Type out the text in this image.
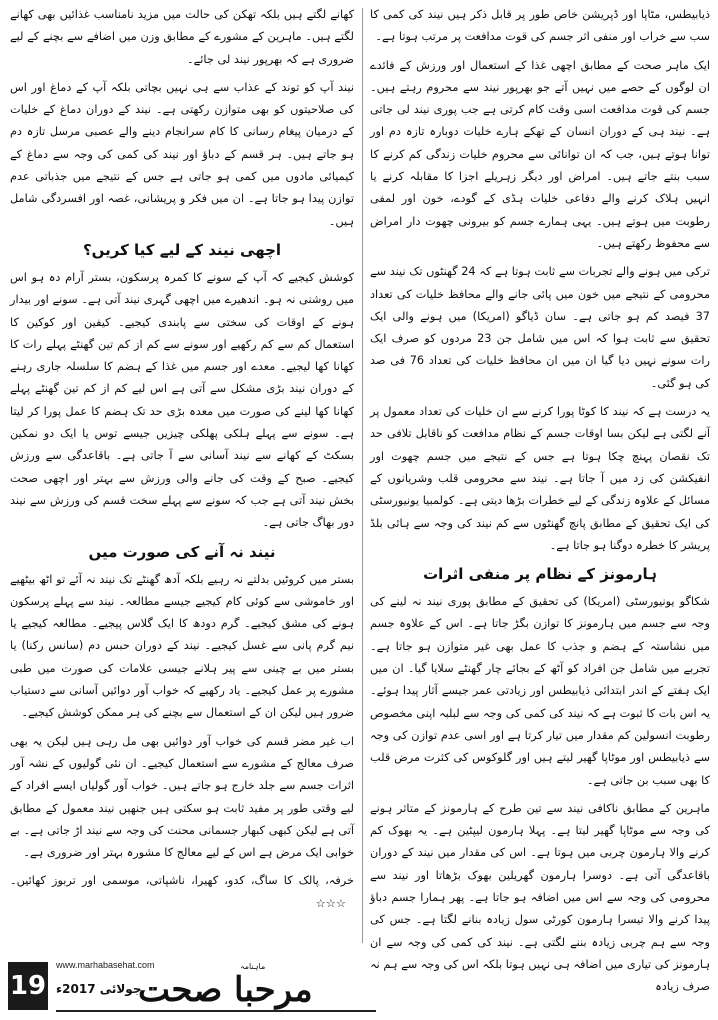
ذیابیطس، مٹاپا اور ڈپریشن خاص طور پر قابل ذکر ہیں نیند کی کمی کا سب سے خراب اور منفی اثر جسم کی قوت مدافعت پر مرتب ہوتا ہے۔

ایک ماہر صحت کے مطابق اچھی غذا کے استعمال اور ورزش کے فائدے ان لوگوں کے حصے میں نہیں آتے جو بھرپور نیند سے محروم رہتے ہیں۔ جسم کی قوت مدافعت اسی وقت کام کرتی ہے جب پوری نیند لی جاتی ہے۔ نیند ہی کے دوران انسان کے تھکے ہارے خلیات دوبارہ تازہ دم اور توانا ہوتے ہیں، جب کہ ان توانائی سے محروم خلیات زندگی کم کرنے کا سبب بنتے جاتے ہیں۔ امراض اور دیگر زہریلے اجزا کا مقابلہ کرنے یا انہیں ہلاک کرنے والے دفاعی خلیات ہڈی کے گودے، خون اور لمفی رطوبت میں ہوتے ہیں۔ یہی ہمارے جسم کو بیرونی چھوت دار امراض سے محفوظ رکھتے ہیں۔

ترکی میں ہونے والے تجربات سے ثابت ہوتا ہے کہ 24 گھنٹوں تک نیند سے محرومی کے نتیجے میں خون میں پائی جانے والے محافظ خلیات کی تعداد 37 فیصد کم ہو جاتی ہے۔ سان ڈیاگو (امریکا) میں ہونے والی ایک تحقیق سے ثابت ہوا کہ اس میں شامل جن 23 مردوں کو صرف ایک رات سونے نہیں دیا گیا ان میں ان محافظ خلیات کی تعداد 76 فی صد کی ہو گئی۔

یہ درست ہے کہ نیند کا کوٹا پورا کرنے سے ان خلیات کی تعداد معمول پر آنے لگتی ہے لیکن بسا اوقات جسم کے نظام مدافعت کو ناقابل تلافی حد تک نقصان پہنچ چکا ہوتا ہے جس کے نتیجے میں جسم چھوت اور انفیکشن کی زد میں آ جاتا ہے۔ نیند سے محرومی قلب وشریانوں کے مسائل کے علاوہ زندگی کے لیے خطرات بڑھا دیتی ہے۔ کولمبیا یونیورسٹی کی ایک تحقیق کے مطابق پانچ گھنٹوں سے کم نیند کی وجہ سے ہائی بلڈ پریشر کا خطرہ دوگنا ہو جاتا ہے۔

ہارمونز کے نظام پر منفی اثرات

شکاگو یونیورسٹی (امریکا) کی تحقیق کے مطابق پوری نیند نہ لینے کی وجہ سے جسم میں ہارمونز کا توازن بگڑ جاتا ہے۔ اس کے علاوہ جسم میں نشاستہ کے ہضم و جذب کا عمل بھی غیر متوازن ہو جاتا ہے۔ تجربے میں شامل جن افراد کو آٹھ کے بجائے چار گھنٹے سلایا گیا۔ ان میں ایک ہفتے کے اندر ابتدائی ذیابیطس اور زیادتی عمر جیسے آثار پیدا ہوئے۔ یہ اس بات کا ثبوت ہے کہ نیند کی کمی کی وجہ سے لبلبہ اپنی مخصوص رطوبت انسولین کم مقدار میں تیار کرتا ہے اور اسی عدم توازن کی وجہ سے ذیابیطس اور موٹاپا گھیر لیتے ہیں اور گلوکوس کی کثرت مرض قلب کا بھی سبب بن جاتی ہے۔

ماہرین کے مطابق ناکافی نیند سے تین طرح کے ہارمونز کے متاثر ہونے کی وجہ سے موٹاپا گھیر لیتا ہے۔ پہلا ہارمون لیپٹین ہے۔ یہ بھوک کم کرنے والا ہارمون چربی میں ہوتا ہے۔ اس کی مقدار میں نیند کے دوران باقاعدگی آتی ہے۔ دوسرا ہارمون گھریلین بھوک بڑھاتا اور نیند سے محرومی کی وجہ سے اس میں اضافہ ہو جاتا ہے۔ پھر ہمارا جسم دباؤ پیدا کرنے والا تیسرا ہارمون کورٹی سول زیادہ بنانے لگتا ہے۔ جس کی وجہ سے ہم چربی زیادہ بننے لگتی ہے۔ نیند کی کمی کی وجہ سے ان ہارمونز کی تیاری میں اضافہ ہی نہیں ہوتا بلکہ اس کی وجہ سے ہم نہ صرف زیادہ

کھانے لگتے ہیں بلکہ تھکن کی حالت میں مزید نامناسب غذائیں بھی کھانے لگتے ہیں۔ ماہرین کے مشورے کے مطابق وزن میں اضافے سے بچنے کے لیے ضروری ہے کہ بھرپور نیند لی جائے۔

نیند آپ کو توند کے عذاب سے ہی نہیں بچاتی بلکہ آپ کے دماغ اور اس کی صلاحیتوں کو بھی متوازن رکھتی ہے۔ نیند کے دوران دماغ کے خلیات کے درمیان پیغام رسانی کا کام سرانجام دینے والے عصبی مرسل تازہ دم ہو جاتے ہیں۔ ہر قسم کے دباؤ اور نیند کی کمی کی وجہ سے دماغ کے کیمیائی مادوں میں کمی ہو جاتی ہے جس کے نتیجے میں جذباتی عدم توازن پیدا ہو جاتا ہے۔ ان میں فکر و پریشانی، غصہ اور افسردگی شامل ہیں۔

اچھی نیند کے لیے کیا کریں؟

کوشش کیجیے کہ آپ کے سونے کا کمرہ پرسکون، بستر آرام دہ ہو اس میں روشنی نہ ہو۔ اندھیرے میں اچھی گہری نیند آتی ہے۔ سونے اور بیدار ہونے کے اوقات کی سختی سے پابندی کیجیے۔ کیفین اور کوکین کا استعمال کم سے کم رکھیے اور سونے سے کم از کم تین گھنٹے پہلے رات کا کھانا کھا لیجیے۔ معدے اور جسم میں غذا کے ہضم کا سلسلہ جاری رہنے کے دوران نیند بڑی مشکل سے آتی ہے اس لیے کم از کم تین گھنٹے پہلے کھانا کھا لینے کی صورت میں معدہ بڑی حد تک ہضم کا عمل پورا کر لیتا ہے۔ سونے سے پہلے ہلکی پھلکی چیزیں جیسے توس یا ایک دو نمکین بسکٹ کے کھانے سے نیند آسانی سے آ جاتی ہے۔ باقاعدگی سے ورزش کیجیے۔ صبح کے وقت کی جانے والی ورزش سے بہتر اور اچھی صحت بخش نیند آتی ہے جب کہ سونے سے پہلے سخت قسم کی ورزش سے نیند دور بھاگ جاتی ہے۔

نیند نہ آنے کی صورت میں

بستر میں کروٹیں بدلتے نہ رہیے بلکہ آدھ گھنٹے تک نیند نہ آئے تو اٹھ بیٹھیے اور خاموشی سے کوئی کام کیجیے جیسے مطالعہ۔ نیند سے پہلے پرسکون ہونے کی مشق کیجیے۔ گرم دودھ کا ایک گلاس پیجیے۔ مطالعہ کیجیے یا نیم گرم پانی سے غسل کیجیے۔ نیند کے دوران حبس دم (سانس رکنا) یا بستر میں بے چینی سے پیر ہلانے جیسی علامات کی صورت میں طبی مشورے پر عمل کیجیے۔ یاد رکھیے کہ خواب آور دوائیں آسانی سے دستیاب ضرور ہیں لیکن ان کے استعمال سے بچنے کی ہر ممکن کوشش کیجیے۔

اب غیر مضر قسم کی خواب آور دوائیں بھی مل رہی ہیں لیکن یہ بھی صرف معالج کے مشورے سے استعمال کیجیے۔ ان نئی گولیوں کے نشہ آور اثرات جسم سے جلد خارج ہو جاتے ہیں۔ خواب آور گولیاں ایسے افراد کے لیے وقتی طور پر مفید ثابت ہو سکتی ہیں جنھیں نیند معمول کے مطابق آتی ہے لیکن کبھی کبھار جسمانی محنت کی وجہ سے نیند اڑ جاتی ہے۔ بے خوابی ایک مرض ہے اس کے لیے معالج کا مشورہ بہتر اور ضروری ہے۔

خرفہ، پالک کا ساگ، کدو، کھیرا، ناشپاتی، موسمی اور تربوز کھائیں۔☆☆☆

19
www.marhabasehat.com
جولائی 2017ء
ماہنامہ
مرحبا صحت
